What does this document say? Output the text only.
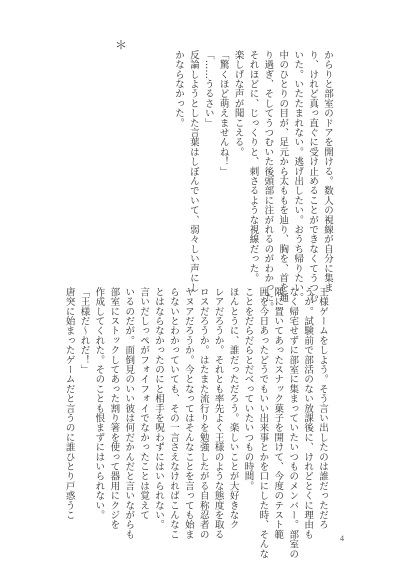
からりと部室のドアを開ける。数人の視線が自分に集ま

り、けれど真っ直ぐに受け止めることができなくてうつむ

いた。いたたまれない。逃げ出したい。おうち帰りたい。

中のひとりの目が、足元から太ももを辿り、胸を、首を通

り過ぎ、そしてうつむいた後頭部に注がれるのがわかった。

それほどに、じっくりと、刺さるような視線だった。

楽しげな声が聞こえる。

「驚くほど萌えませんね！」

「……うるさい」

反論しようとした言葉はしぼんでいて、弱々しい声にし

かならなかった。

＊

王様ゲームをしよう。そう言い出したのは誰だっただろ

うか。試験前で部活のない放課後に、けれどとくに理由も

なく帰宅せずに部室に集まっていたいつものメンバー。部室の

隅に置いてあったスナック菓子を開けて、今度のテスト範

囲を今日あったどうでもいい出来事とかを口にした時、そんな

ことをだらだらとだべっていたいつもの時間。

ほんとうに、誰だっただろう。楽しいことが大好きなク

レアだろうか。それとも率先よく王様のような態度を取る

ロスだろうか。はたまた流行りを勉強したがる自称忍者の

ヤヌアだろうか。今となってはそんなことを言っても始ま

らないとわかっていても、その一言さえなければこんなこ

とはならなかったのにと相手を呪わずにはいられない。

言いだしっぺがフォイフォイでなかったことは覚えて

いるのだが。面倒見のいい彼は何だかんだと言いながらも

部室にストックしてあった割り箸を使って器用にクジを

作成してくれた。そのことも恨まずにはいられない。

「王様だ〜れだ！」

唐突に始まったゲームだと言うのに誰ひとり戸惑うこ

4
